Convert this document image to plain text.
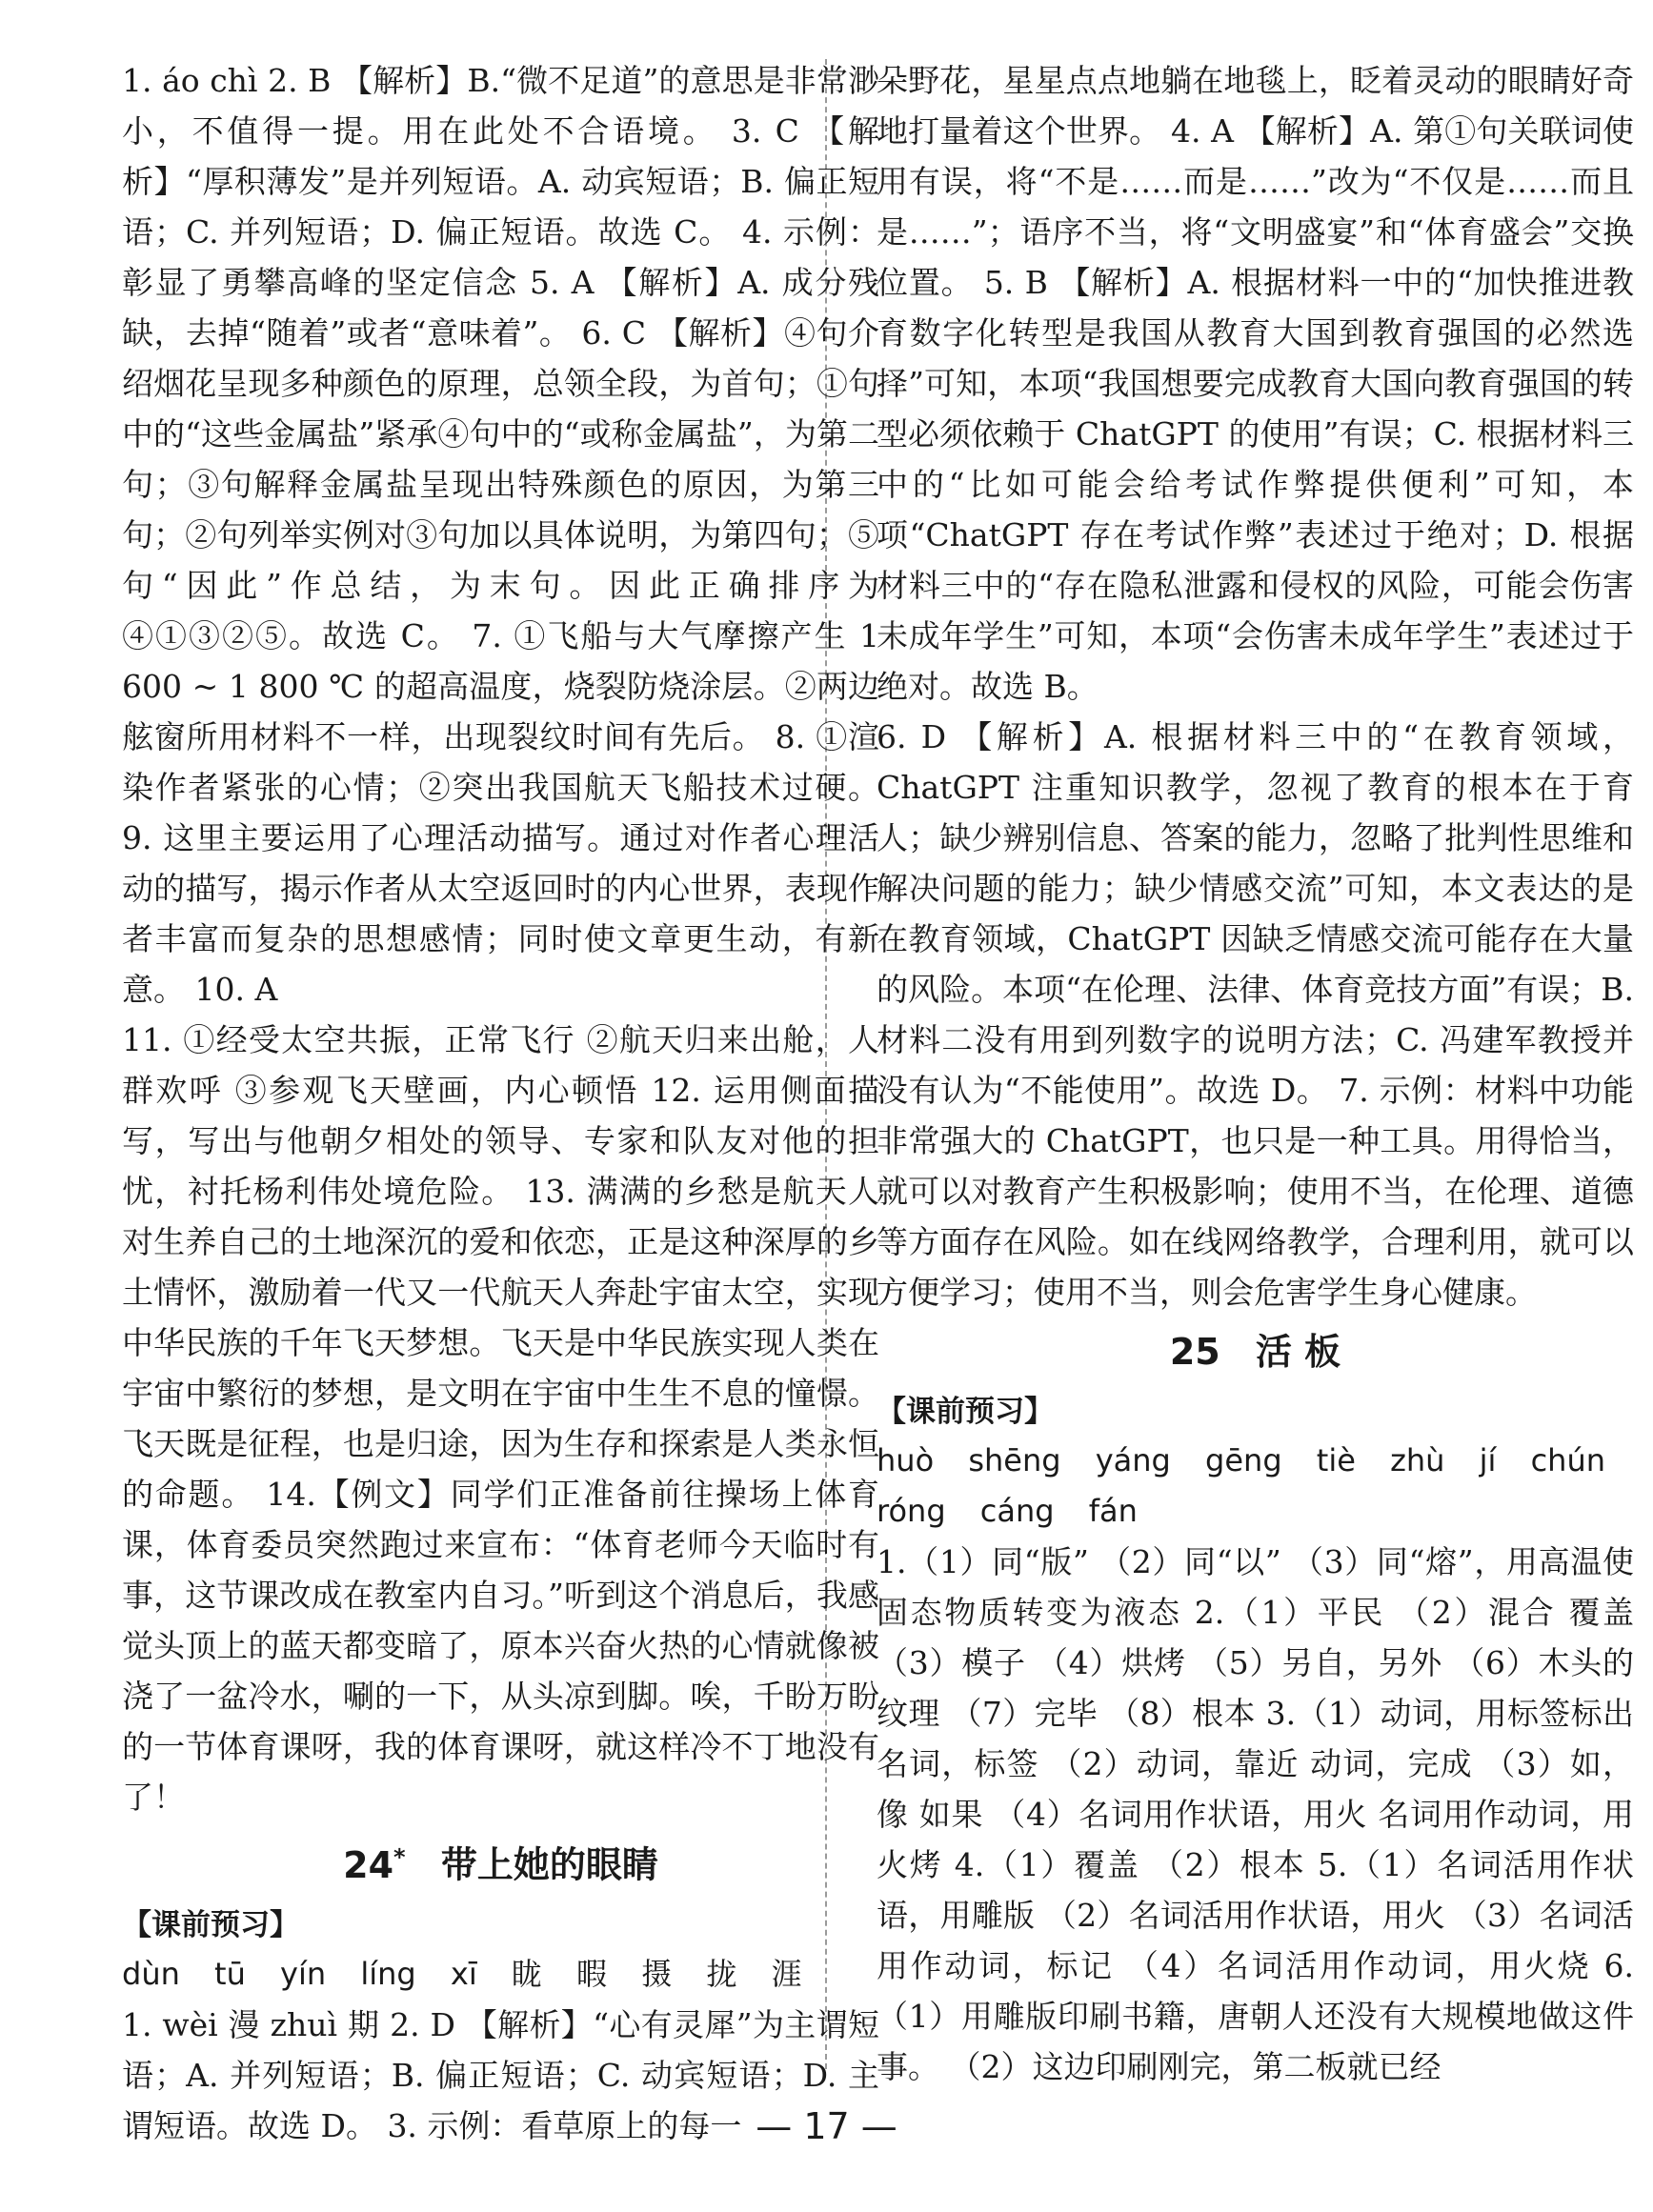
1. áo chì 2. B 【解析】B.“微不足道”的意思是非常渺小，不值得一提。用在此处不合语境。 3. C 【解析】“厚积薄发”是并列短语。A. 动宾短语；B. 偏正短语；C. 并列短语；D. 偏正短语。故选 C。 4. 示例：彰显了勇攀高峰的坚定信念 5. A 【解析】A. 成分残缺，去掉“随着”或者“意味着”。 6. C 【解析】④句介绍烟花呈现多种颜色的原理，总领全段，为首句；①句中的“这些金属盐”紧承④句中的“或称金属盐”，为第二句；③句解释金属盐呈现出特殊颜色的原因，为第三句；②句列举实例对③句加以具体说明，为第四句；⑤句“因此”作总结，为末句。因此正确排序为④①③②⑤。故选 C。 7. ①飞船与大气摩擦产生 1 600 ~ 1 800 ℃ 的超高温度，烧裂防烧涂层。②两边舷窗所用材料不一样，出现裂纹时间有先后。 8. ①渲染作者紧张的心情；②突出我国航天飞船技术过硬。 9. 这里主要运用了心理活动描写。通过对作者心理活动的描写，揭示作者从太空返回时的内心世界，表现作者丰富而复杂的思想感情；同时使文章更生动，有新意。 10. A

11. ①经受太空共振，正常飞行 ②航天归来出舱，人群欢呼 ③参观飞天壁画，内心顿悟 12. 运用侧面描写，写出与他朝夕相处的领导、专家和队友对他的担忧，衬托杨利伟处境危险。 13. 满满的乡愁是航天人对生养自己的土地深沉的爱和依恋，正是这种深厚的乡土情怀，激励着一代又一代航天人奔赴宇宙太空，实现中华民族的千年飞天梦想。飞天是中华民族实现人类在宇宙中繁衍的梦想，是文明在宇宙中生生不息的憧憬。飞天既是征程，也是归途，因为生存和探索是人类永恒的命题。 14.【例文】同学们正准备前往操场上体育课，体育委员突然跑过来宣布：“体育老师今天临时有事，这节课改成在教室内自习。”听到这个消息后，我感觉头顶上的蓝天都变暗了，原本兴奋火热的心情就像被浇了一盆冷水，唰的一下，从头凉到脚。唉，千盼万盼的一节体育课呀，我的体育课呀，就这样冷不丁地没有了！

24* 带上她的眼睛
【课前预习】
dùn tū yín líng xī 眬 暇 摄 拢 涯

1. wèi 漫 zhuì 期 2. D 【解析】“心有灵犀”为主谓短语；A. 并列短语；B. 偏正短语；C. 动宾短语；D. 主谓短语。故选 D。 3. 示例：看草原上的每一

朵野花，星星点点地躺在地毯上，眨着灵动的眼睛好奇地打量着这个世界。 4. A 【解析】A. 第①句关联词使用有误，将“不是……而是……”改为“不仅是……而且是……”；语序不当，将“文明盛宴”和“体育盛会”交换位置。 5. B 【解析】A. 根据材料一中的“加快推进教育数字化转型是我国从教育大国到教育强国的必然选择”可知，本项“我国想要完成教育大国向教育强国的转型必须依赖于 ChatGPT 的使用”有误；C. 根据材料三中的“比如可能会给考试作弊提供便利”可知，本项“ChatGPT 存在考试作弊”表述过于绝对；D. 根据材料三中的“存在隐私泄露和侵权的风险，可能会伤害未成年学生”可知，本项“会伤害未成年学生”表述过于绝对。故选 B。

6. D 【解析】A. 根据材料三中的“在教育领域，ChatGPT 注重知识教学，忽视了教育的根本在于育人；缺少辨别信息、答案的能力，忽略了批判性思维和解决问题的能力；缺少情感交流”可知，本文表达的是在教育领域，ChatGPT 因缺乏情感交流可能存在大量的风险。本项“在伦理、法律、体育竞技方面”有误；B. 材料二没有用到列数字的说明方法；C. 冯建军教授并没有认为“不能使用”。故选 D。 7. 示例：材料中功能非常强大的 ChatGPT，也只是一种工具。用得恰当，就可以对教育产生积极影响；使用不当，在伦理、道德等方面存在风险。如在线网络教学，合理利用，就可以方便学习；使用不当，则会危害学生身心健康。

25 活 板
【课前预习】
huò shēng yáng gēng tiè zhù jí chún
róng cáng fán

1.（1）同“版” （2）同“以” （3）同“熔”，用高温使固态物质转变为液态 2.（1）平民 （2）混合 覆盖 （3）模子 （4）烘烤 （5）另自，另外 （6）木头的纹理 （7）完毕 （8）根本 3.（1）动词，用标签标出 名词，标签 （2）动词，靠近 动词，完成 （3）如，像 如果 （4）名词用作状语，用火 名词用作动词，用火烤 4.（1）覆盖 （2）根本 5.（1）名词活用作状语，用雕版 （2）名词活用作状语，用火 （3）名词活用作动词，标记 （4）名词活用作动词，用火烧 6.（1）用雕版印刷书籍，唐朝人还没有大规模地做这件事。 （2）这边印刷刚完，第二板就已经

— 17 —
